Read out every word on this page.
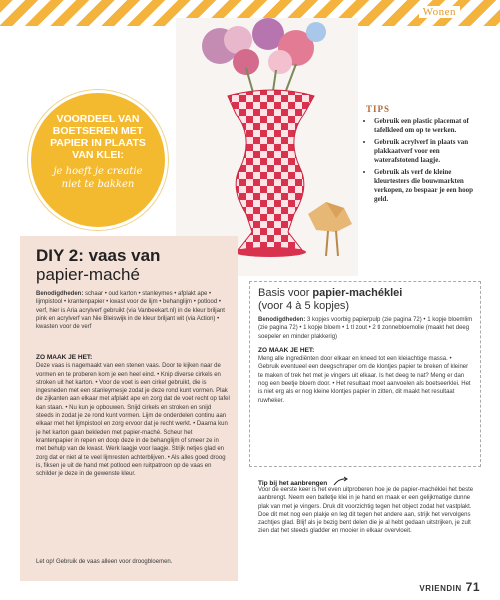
Wonen
VOORDEEL VAN
BOETSEREN MET
PAPIER IN PLAATS
VAN KLEI:
je hoeft je creatie
niet te bakken
TIPS
• Gebruik een plastic placemat of tafelkleed om op te werken.
• Gebruik acrylverf in plaats van plakkaatverf voor een waterafstotend laagje.
• Gebruik als verf de kleine kleurtesters die bouwmarkten verkopen, zo bespaar je een hoop geld.
DIY 2: vaas van
papier-maché
Benodigdheden: schaar • oud karton • stanleymes • afplakt ape • lijmpistool • krantenpapier • kwast voor de lijm • behanglijm • potlood • verf, hier is Aria acrylverf gebruikt (via Vanbeekart.nl) in de kleur briljant pink en acrylverf van Nie Bleiswijk in de kleur briljant wit (via Action) • kwasten voor de verf
ZO MAAK JE HET:
Deze vaas is nagemaakt van een stenen vaas. Door te kijken naar de vormen en te proberen kom je een heel eind. • Knip diverse cirkels en stroken uit het karton. • Voor de voet is een cirkel gebruikt, die is ingesneden met een stanleymesje zodat je deze rond kunt vormen. Plak de zijkanten aan elkaar met afplakt ape en zorg dat de voet recht op tafel kan staan. • Nu kun je opbouwen. Snijd cirkels en stroken en snijd steeds in zodat je ze rond kunt vormen. Lijm de onderdelen continu aan elkaar met het lijmpistool en zorg ervoor dat je recht werkt. • Daarna kun je het karton gaan bekleden met papier-maché. Scheur het krantenpapier in repen en doop deze in de behanglijm of smeer ze in met behulp van de kwast. Werk laagje voor laagje. Strijk netjes glad en zorg dat er niet al te veel lijmresten achterblijven. • Als alles goed droog is, fiksen je uit de hand met potlood een ruitpatroon op de vaas en schilder je deze in de gewenste kleur.
Let op! Gebruik de vaas alleen voor droogbloemen.
Basis voor papier-machéklei
(voor 4 à 5 kopjes)
Benodigdheden: 3 kopjes voorbig papierpulp (zie pagina 72) • 1 kopje bloemlim (zie pagina 72) • 1 kopje bloem • 1 tl zout • 2 tl zonnebloemolie (maakt het deeg soepeler en minder plakkerig)
ZO MAAK JE HET:
Meng alle ingrediënten door elkaar en kneed tot een kleiachtige massa. • Gebruik eventueel een deegschraper om de klontjes papier te breken of kleiner te maken of trek het met je vingers uit elkaar. Is het deeg te nat? Meng er dan nog een beetje bloem door. • Het resultaat moet aanvoelen als boetseerklei. Het is niet erg als er nog kleine klontjes papier in zitten, dit maakt het resultaat ruwheker.
Tip bij het aanbrengen
Voor de eerste keer is het even uitproberen hoe je de papier-machéklei het beste aanbrengt. Neem een balletje klei in je hand en maak er een gelijkmatige dunne plak van met je vingers. Druk dit voorzichtig tegen het object zodat het vastplakt. Doe dit met nog een plakje en leg dit tegen het andere aan, strijk het vervolgens zachtjes glad. Blijf als je bezig bent delen die je al hebt gedaan uitstrijken, je zult zien dat het steeds gladder en mooier in elkaar overvloeit.
VRIENDIN 71
